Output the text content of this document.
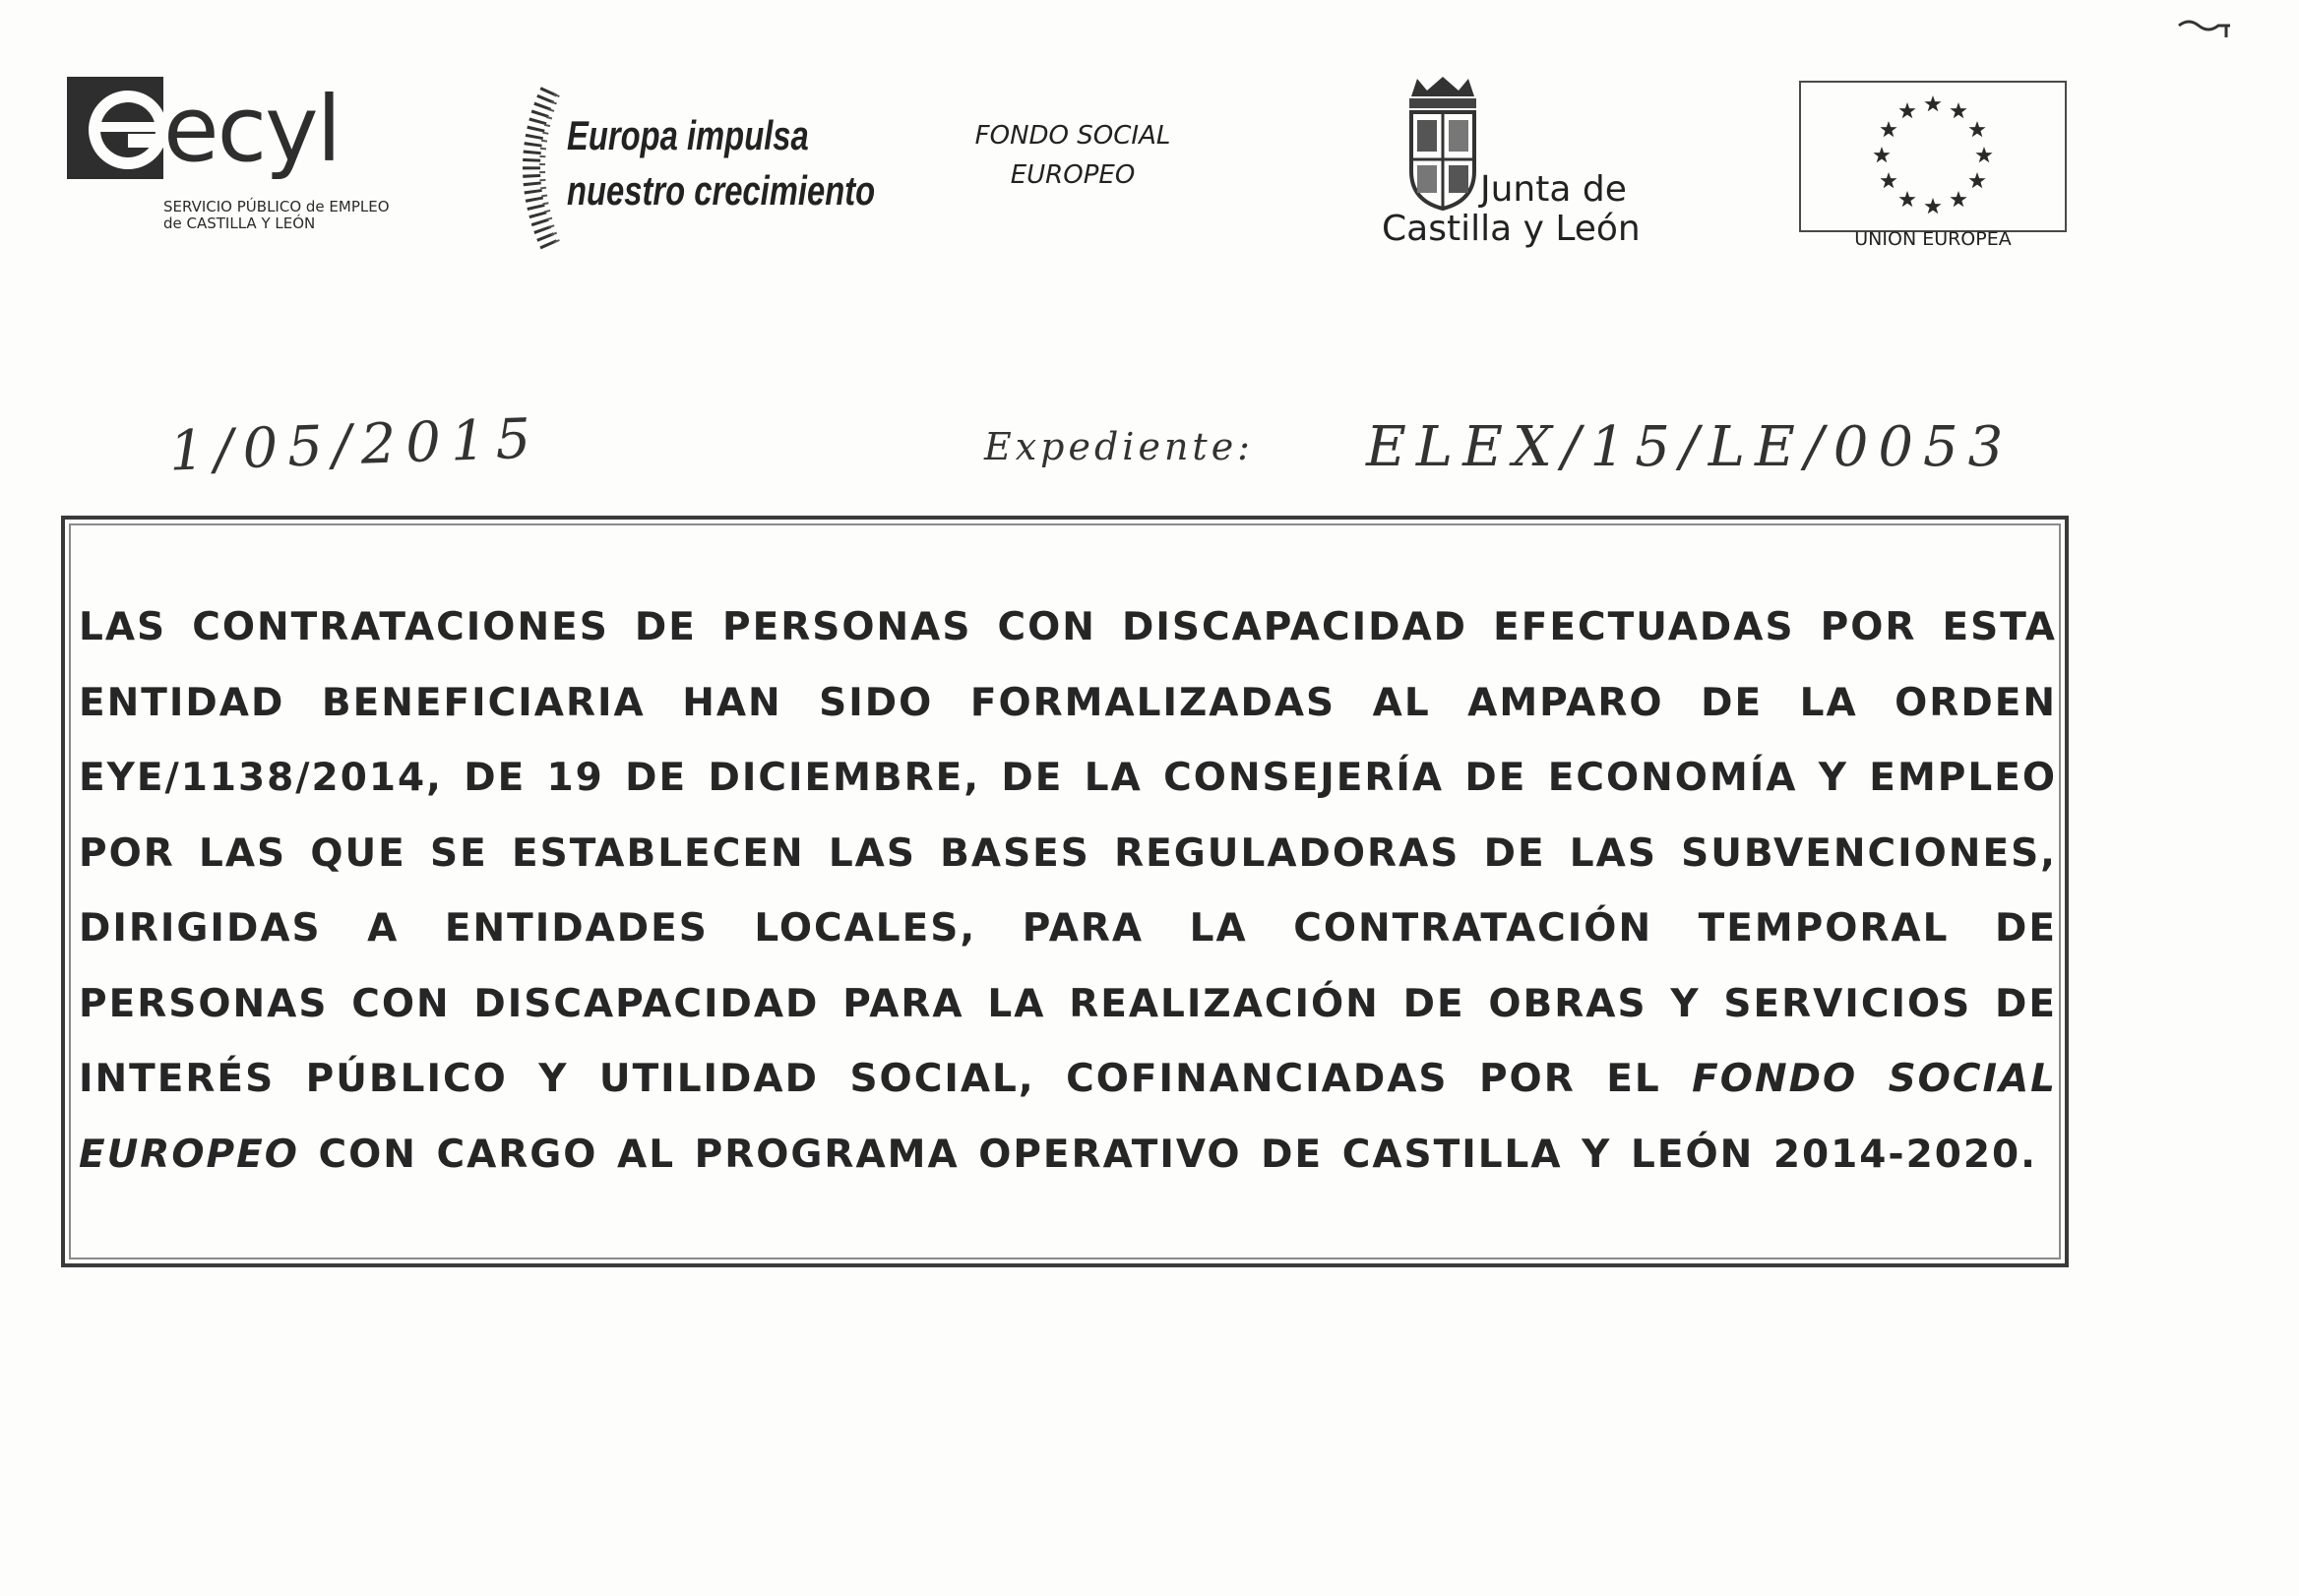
ecyl
SERVICIO PÚBLICO de EMPLEO
de CASTILLA Y LEÓN
Europa impulsa
nuestro crecimiento
FONDO SOCIAL
EUROPEO	Junta de
Castilla y León	UNION EUROPEA
1/05/2015	Expediente: ELEX/15/LE/0053
LAS CONTRATACIONES DE PERSONAS CON DISCAPACIDAD EFECTUADAS POR ESTA ENTIDAD BENEFICIARIA HAN SIDO FORMALIZADAS AL AMPARO DE LA ORDEN EYE/1138/2014, DE 19 DE DICIEMBRE, DE LA CONSEJERÍA DE ECONOMÍA Y EMPLEO POR LAS QUE SE ESTABLECEN LAS BASES REGULADORAS DE LAS SUBVENCIONES, DIRIGIDAS A ENTIDADES LOCALES, PARA LA CONTRATACIÓN TEMPORAL DE PERSONAS CON DISCAPACIDAD PARA LA REALIZACIÓN DE OBRAS Y SERVICIOS DE INTERÉS PÚBLICO Y UTILIDAD SOCIAL, COFINANCIADAS POR EL FONDO SOCIAL EUROPEO CON CARGO AL PROGRAMA OPERATIVO DE CASTILLA Y LEÓN 2014-2020.
